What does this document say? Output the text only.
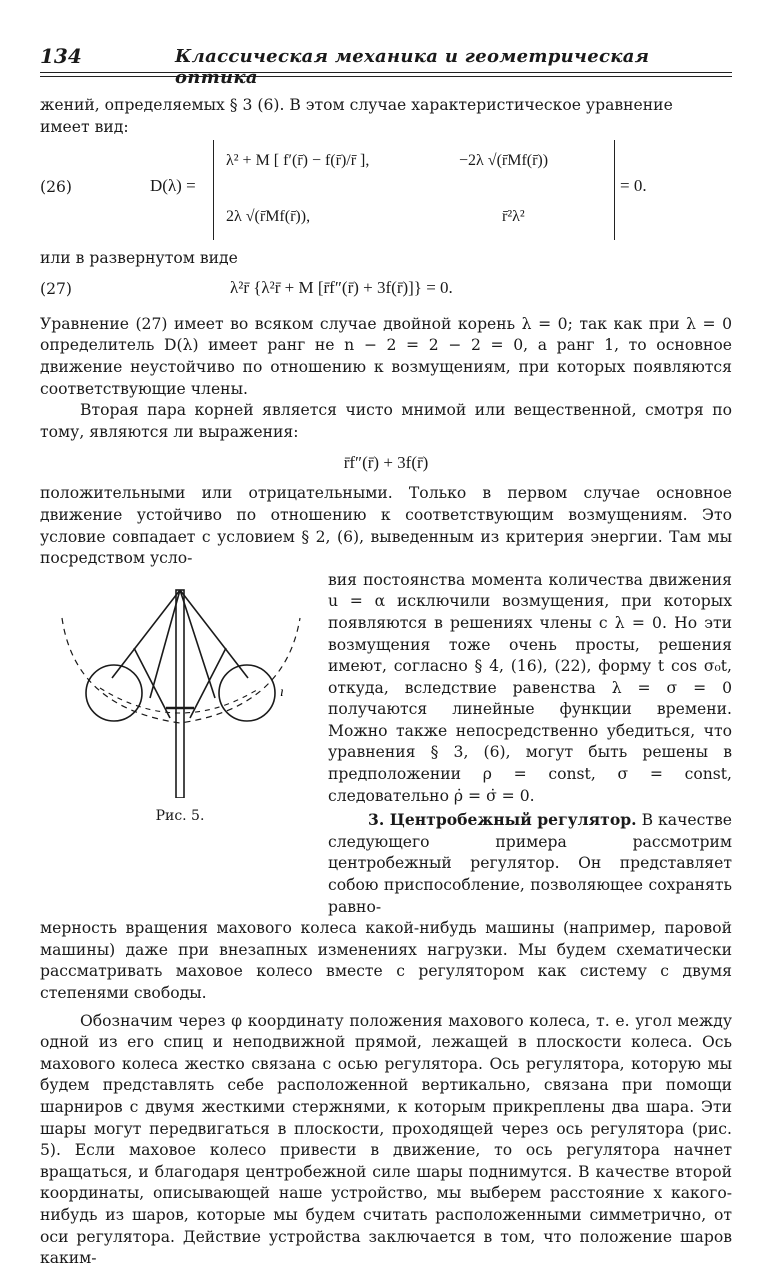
134	Классическая механика и геометрическая оптика

жений, определяемых § 3 (6). В этом случае характеристическое уравнение

имеет вид:

(26)	D(λ) =
λ² + M [ f′(r̄) − f(r̄)/r̄ ],	−2λ √(r̄Mf(r̄))
2λ √(r̄Mf(r̄)),	r̄²λ²
= 0.

или в развернутом виде

(27)	λ²r̄ {λ²r̄ + M [r̄f″(r̄) + 3f(r̄)]} = 0.

Уравнение (27) имеет во всяком случае двойной корень λ = 0; так как при λ = 0 определитель D(λ) имеет ранг не n − 2 = 2 − 2 = 0, а ранг 1, то основное движение неустойчиво по отношению к возмущениям, при которых появляются соответствующие члены.

Вторая пара корней является чисто мнимой или вещественной, смотря по тому, являются ли выражения:

r̄f″(r̄) + 3f(r̄)

положительными или отрицательными. Только в первом случае основное движение устойчиво по отношению к соответствующим возмущениям. Это условие совпадает с условием § 2, (6), выведенным из критерия энергии. Там мы посредством усло-

ı
Рис. 5.

вия постоянства момента количества движения u = α исключили возмущения, при которых появляются в решениях члены с λ = 0. Но эти возмущения тоже очень просты, решения имеют, согласно § 4, (16), (22), форму t cos σ₀t, откуда, вследствие равенства λ = σ = 0 получаются линейные функции времени. Можно также непосредственно убедиться, что уравнения § 3, (6), могут быть решены в предположении ρ = const, σ = const, следовательно ρ̇ = σ̇ = 0.

3. Центробежный регулятор. В качестве следующего примера рассмотрим центробежный регулятор. Он представляет собою приспособление, позволяющее сохранять равно-

мерность вращения махового колеса какой-нибудь машины (например, паровой машины) даже при внезапных изменениях нагрузки. Мы будем схематически рассматривать маховое колесо вместе с регулятором как систему с двумя степенями свободы.

Обозначим через φ координату положения махового колеса, т. е. угол между одной из его спиц и неподвижной прямой, лежащей в плоскости колеса. Ось махового колеса жестко связана с осью регулятора. Ось регулятора, которую мы будем представлять себе расположенной вертикально, связана при помощи шарниров с двумя жесткими стержнями, к которым прикреплены два шара. Эти шары могут передвигаться в плоскости, проходящей через ось регулятора (рис. 5). Если маховое колесо привести в движение, то ось регулятора начнет вращаться, и благодаря центробежной силе шары поднимутся. В качестве второй координаты, описывающей наше устройство, мы выберем расстояние x какого-нибудь из шаров, которые мы будем считать расположенными симметрично, от оси регулятора. Действие устройства заключается в том, что положение шаров каким-
